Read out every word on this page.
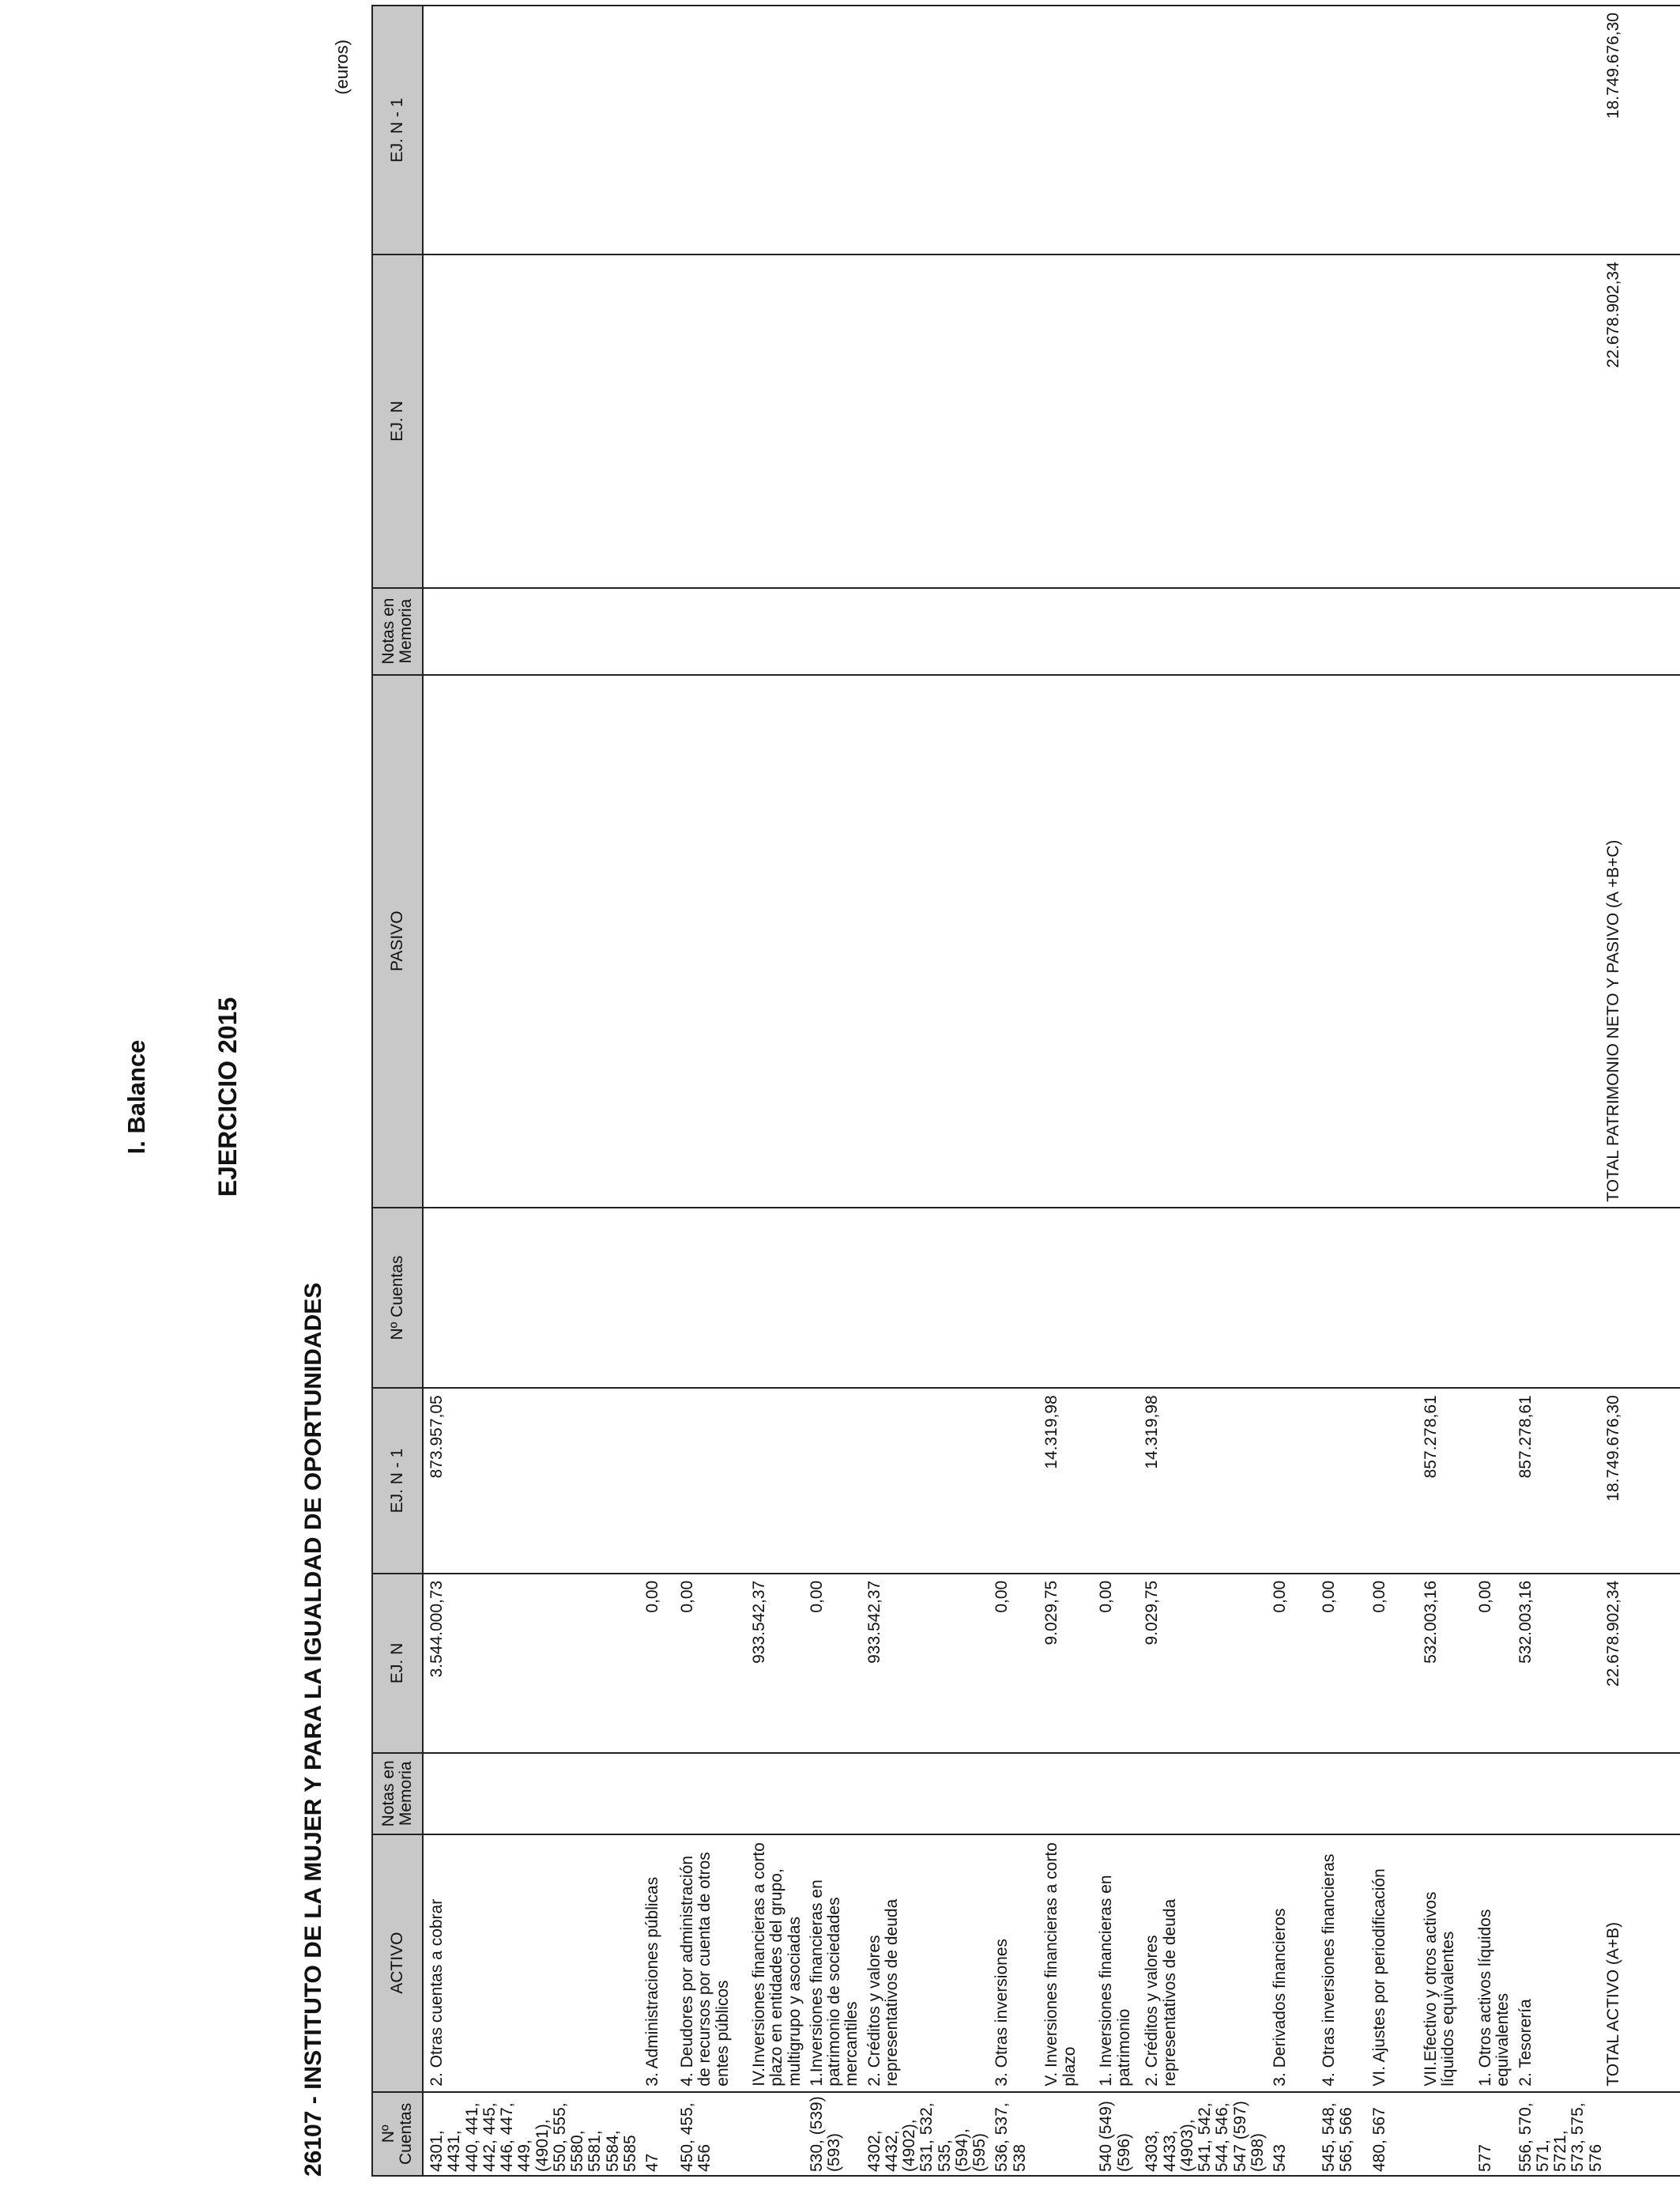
I. Balance	EJERCICIO 2015
26107 - INSTITUTO DE LA MUJER Y PARA LA IGUALDAD DE OPORTUNIDADES
(euros)
Nº Cuentas	ACTIVO	Notas en Memoria	EJ. N	EJ. N - 1	Nº Cuentas	PASIVO	Notas en Memoria	EJ. N	EJ. N - 1
4301, 4431, 440, 441, 442, 445, 446, 447, 449, (4901), 550, 555, 5580, 5581, 5584, 5585	2. Otras cuentas a cobrar		3.544.000,73	873.957,05					
47	3. Administraciones públicas		0,00						
450, 455, 456	4. Deudores por administración de recursos por cuenta de otros entes públicos		0,00						
	IV.Inversiones financieras a corto plazo en entidades del grupo, multigrupo y asociadas		933.542,37						
530, (539) (593)	1.Inversiones financieras en patrimonio de sociedades mercantiles		0,00						
4302, 4432, (4902), 531, 532, 535, (594), (595)	2. Créditos y valores representativos de deuda		933.542,37						
536, 537, 538	3. Otras inversiones		0,00						
	V. Inversiones financieras a corto plazo		9.029,75	14.319,98					
540 (549) (596)	1. Inversiones financieras en patrimonio		0,00						
4303, 4433, (4903), 541, 542, 544, 546, 547 (597) (598)	2. Créditos y valores representativos de deuda		9.029,75	14.319,98					
543	3. Derivados financieros		0,00						
545, 548, 565, 566	4. Otras inversiones financieras		0,00						
480, 567	VI. Ajustes por periodificación		0,00						
	VII.Efectivo y otros activos líquidos equivalentes		532.003,16	857.278,61					
577	1. Otros activos líquidos equivalentes		0,00						
556, 570, 571, 5721, 573, 575, 576	2. Tesorería		532.003,16	857.278,61					
	TOTAL ACTIVO (A+B)		22.678.902,34	18.749.676,30		TOTAL PATRIMONIO NETO Y PASIVO (A +B+C)		22.678.902,34	18.749.676,30
